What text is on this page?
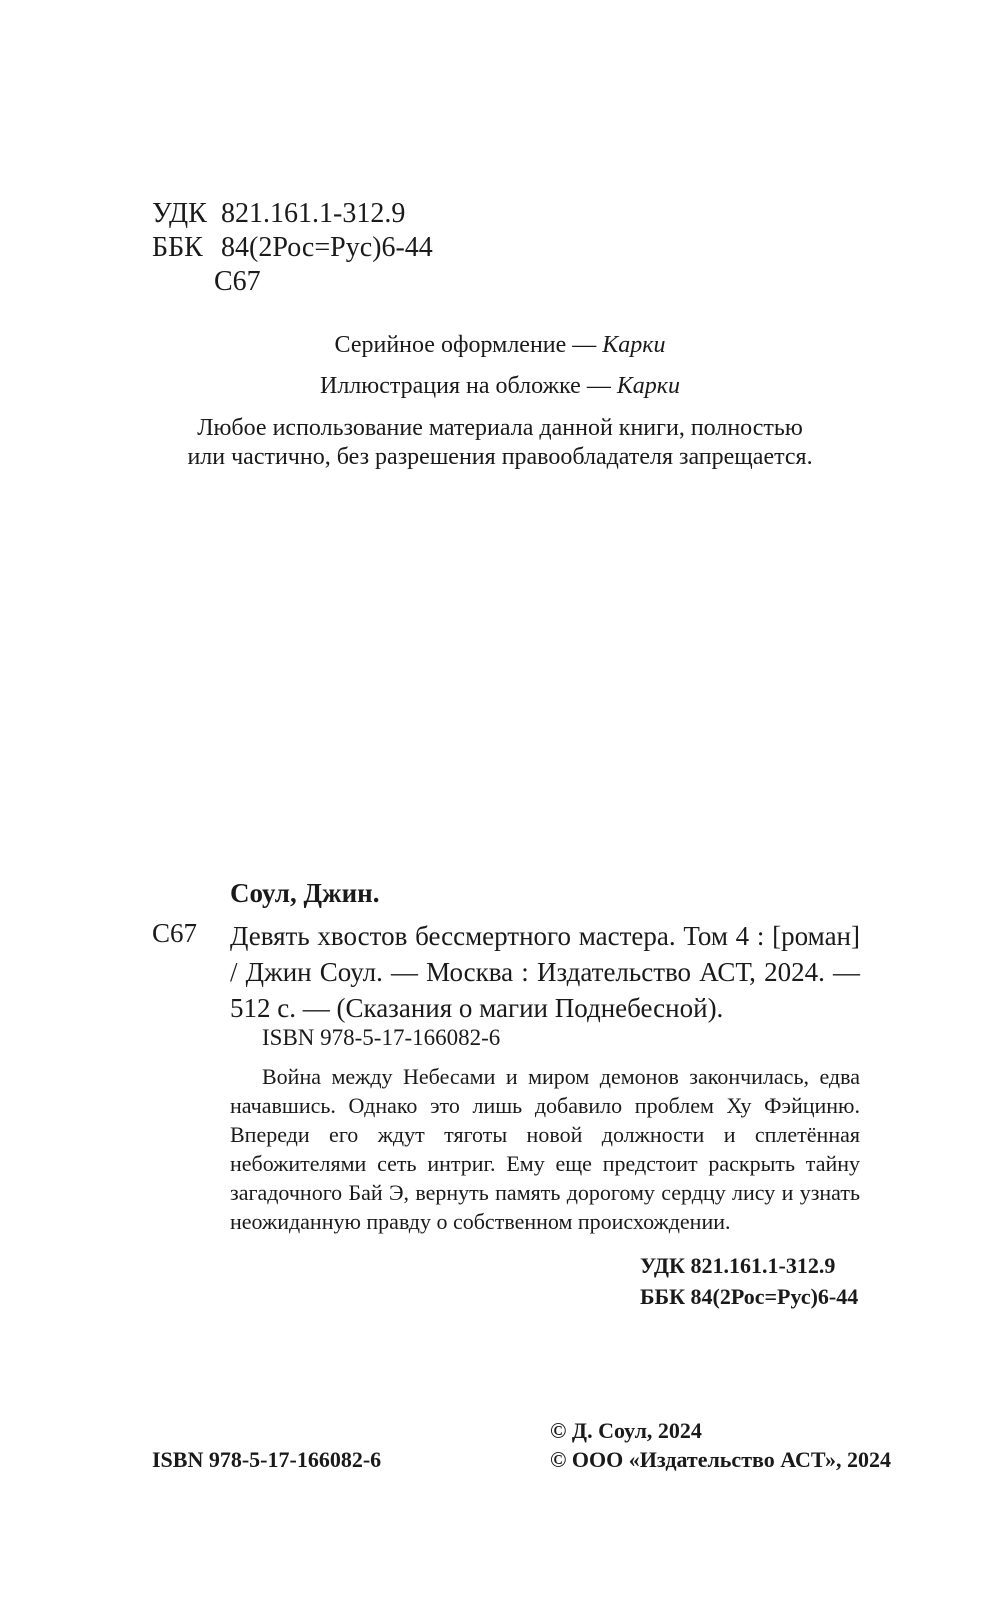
УДК 821.161.1-312.9
ББК 84(2Рос=Рус)6-44
С67
Серийное оформление — Карки
Иллюстрация на обложке — Карки
Любое использование материала данной книги, полностью
или частично, без разрешения правообладателя запрещается.
Соул, Джин.
С67 Девять хвостов бессмертного мастера. Том 4 : [роман] / Джин Соул. — Москва : Издательство АСТ, 2024. — 512 с. — (Сказания о магии Поднебесной).
ISBN 978-5-17-166082-6
Война между Небесами и миром демонов закончилась, едва начавшись. Однако это лишь добавило проблем Ху Фэйциню. Впереди его ждут тяготы новой должности и сплетённая небожителями сеть интриг. Ему еще предстоит раскрыть тайну загадочного Бай Э, вернуть память дорогому сердцу лису и узнать неожиданную правду о собственном происхождении.
УДК 821.161.1-312.9
ББК 84(2Рос=Рус)6-44
ISBN 978-5-17-166082-6
© Д. Соул, 2024
© ООО «Издательство АСТ», 2024
